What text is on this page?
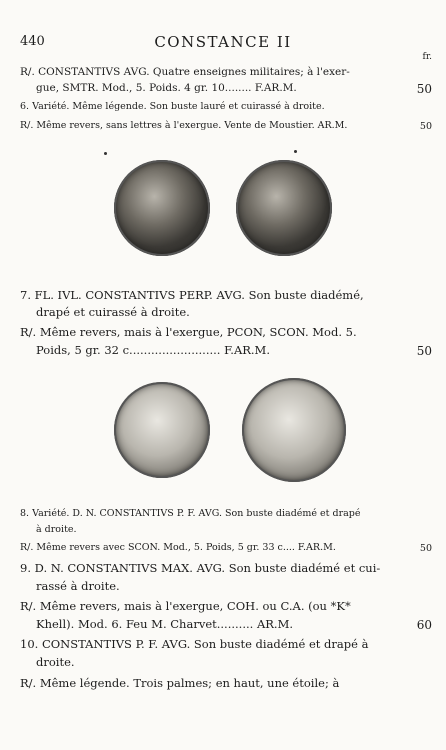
440	CONSTANCE II
fr.
R/. CONSTANTIVS AVG. Quatre enseignes militaires; à l'exer-
gue, SMTR. Mod., 5. Poids. 4 gr. 10........ F.AR.M.	50
6. Variété. Même légende. Son buste lauré et cuirassé à droite.
R/. Même revers, sans lettres à l'exergue. Vente de Moustier. AR.M.	50
7. FL. IVL. CONSTANTIVS PERP. AVG. Son buste diadémé,
drapé et cuirassé à droite.
R/. Même revers, mais à l'exergue, PCON, SCON. Mod. 5.
Poids, 5 gr. 32 c......................... F.AR.M.	50
8. Variété. D. N. CONSTANTIVS P. F. AVG. Son buste diadémé et drapé
à droite.
R/. Même revers avec SCON. Mod., 5. Poids, 5 gr. 33 c.... F.AR.M.	50
9. D. N. CONSTANTIVS MAX. AVG. Son buste diadémé et cui-
rassé à droite.
R/. Même revers, mais à l'exergue, COH. ou C.A. (ou *K*
Khell). Mod. 6. Feu M. Charvet.......... AR.M.	60
10. CONSTANTIVS P. F. AVG. Son buste diadémé et drapé à
droite.
R/. Même légende. Trois palmes; en haut, une étoile; à
